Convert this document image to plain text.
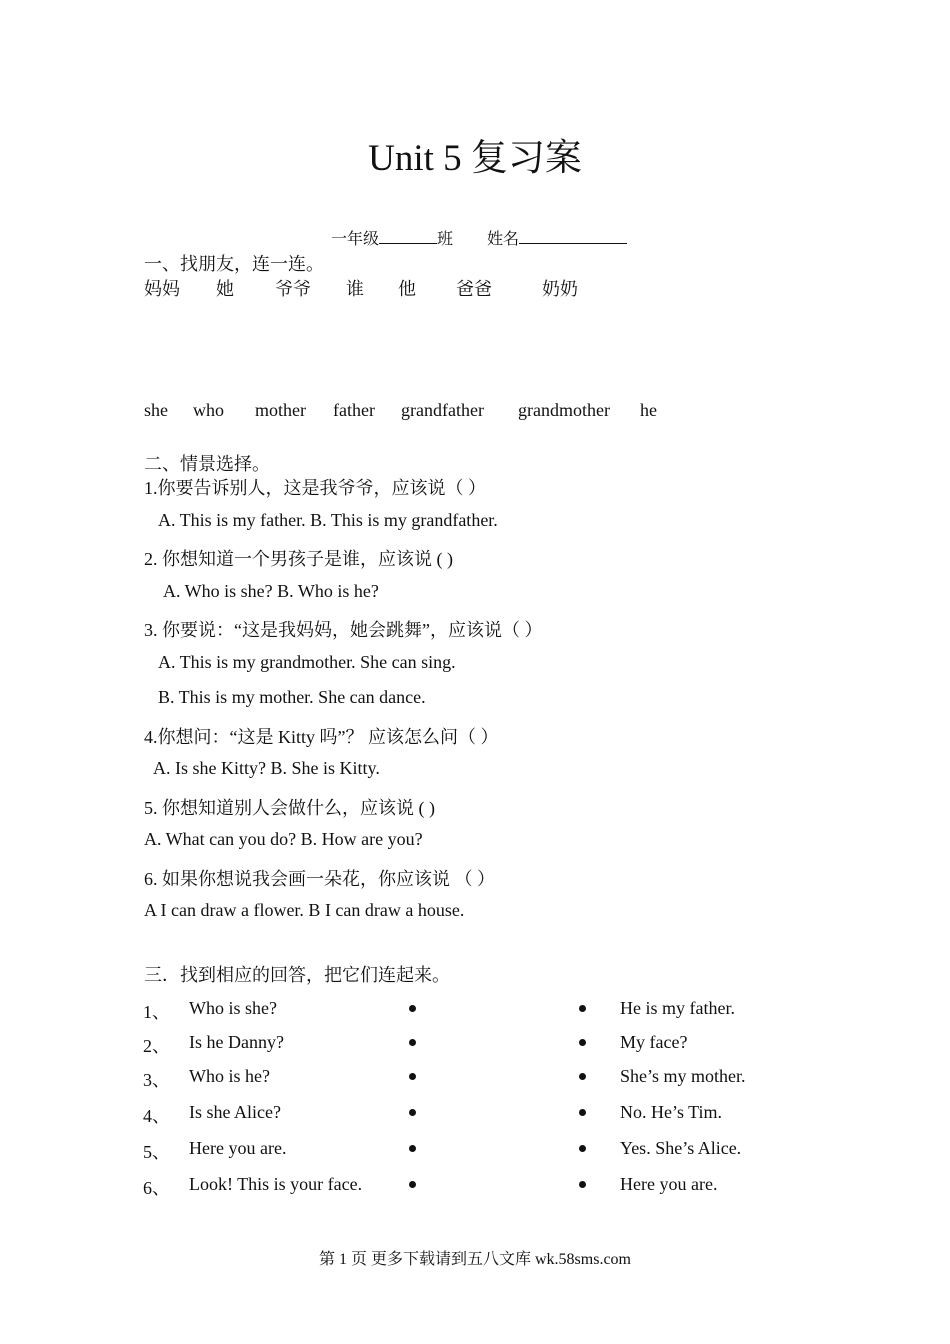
Unit 5 复习案
一年级	班 姓名
一、找朋友，连一连。
妈妈 她 爷爷 谁 他 爸爸	奶奶
she who mother father grandfather grandmother he
二、情景选择。
1.你要告诉别人，这是我爷爷，应该说（ ）
A. This is my father. B. This is my grandfather.
2. 你想知道一个男孩子是谁，应该说 ( )
A. Who is she? B. Who is he?
3. 你要说：“这是我妈妈，她会跳舞”，应该说（ ）
A. This is my grandmother. She can sing.
B. This is my mother. She can dance.
4.你想问：“这是 Kitty 吗”？ 应该怎么问（ ）
A. Is she Kitty? B. She is Kitty.
5. 你想知道别人会做什么，应该说 ( )
A. What can you do? B. How are you?
6. 如果你想说我会画一朵花，你应该说 （ ）
A I can draw a flower. B I can draw a house.
三．找到相应的回答，把它们连起来。
1、 Who is she?	He is my father.
2、 Is he Danny?	My face?
3、 Who is he?	She’s my mother.
4、 Is she Alice?	No. He’s Tim.
5、 Here you are.	Yes. She’s Alice.
6、 Look! This is your face.	Here you are.
第 1 页 更多下载请到五八文库 wk.58sms.com
